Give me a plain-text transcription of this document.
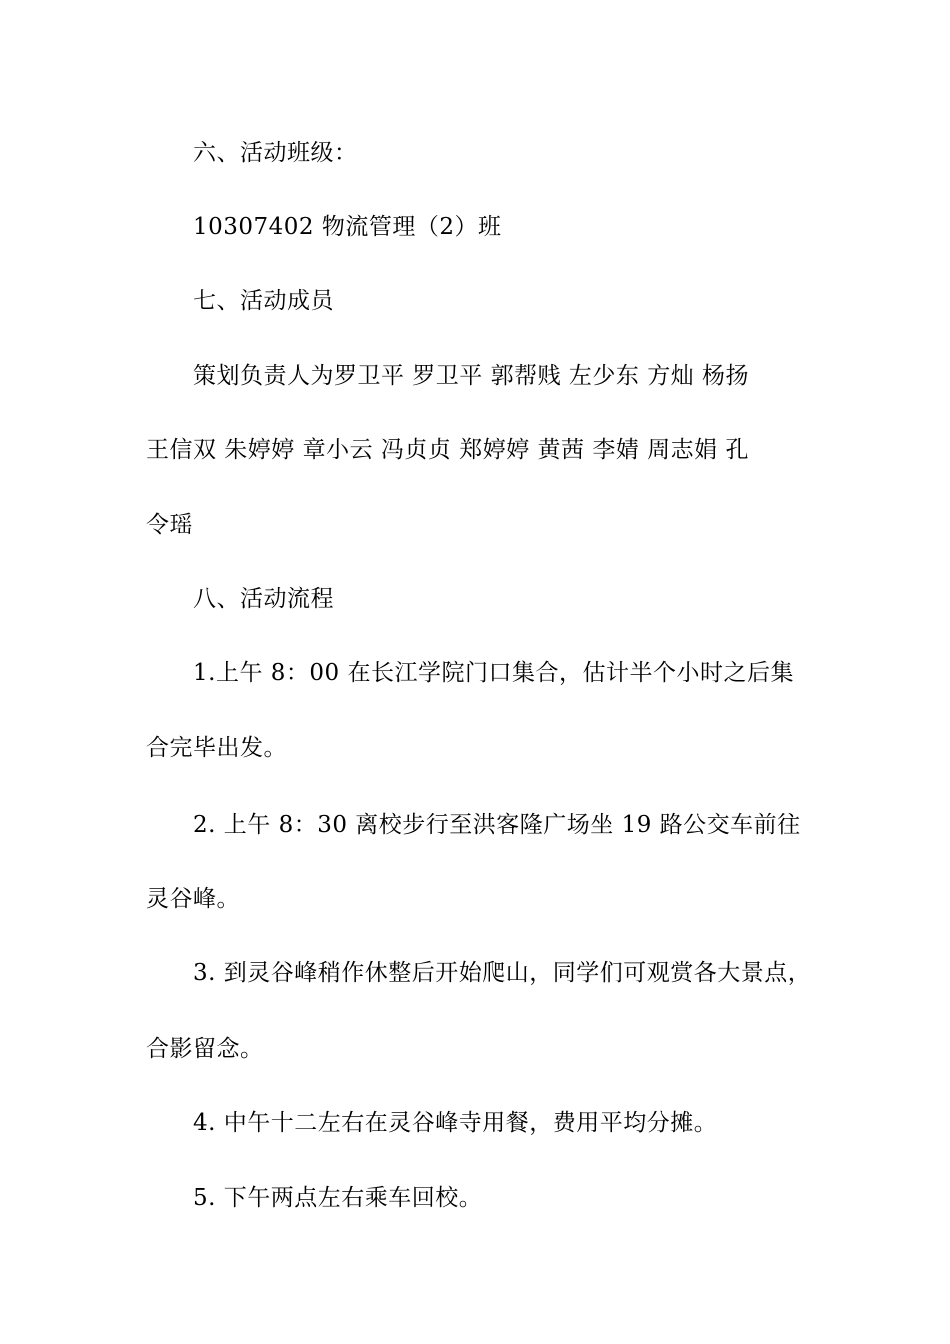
六、活动班级：
10307402 物流管理（2）班
七、活动成员
策划负责人为罗卫平 罗卫平 郭帮贱 左少东 方灿 杨扬
王信双 朱婷婷 章小云 冯贞贞 郑婷婷 黄茜 李婧 周志娟 孔
令瑶
八、活动流程
1.上午 8：00 在长江学院门口集合，估计半个小时之后集
合完毕出发。
2. 上午 8：30 离校步行至洪客隆广场坐 19 路公交车前往
灵谷峰。
3. 到灵谷峰稍作休整后开始爬山，同学们可观赏各大景点，
合影留念。
4. 中午十二左右在灵谷峰寺用餐，费用平均分摊。
5. 下午两点左右乘车回校。
